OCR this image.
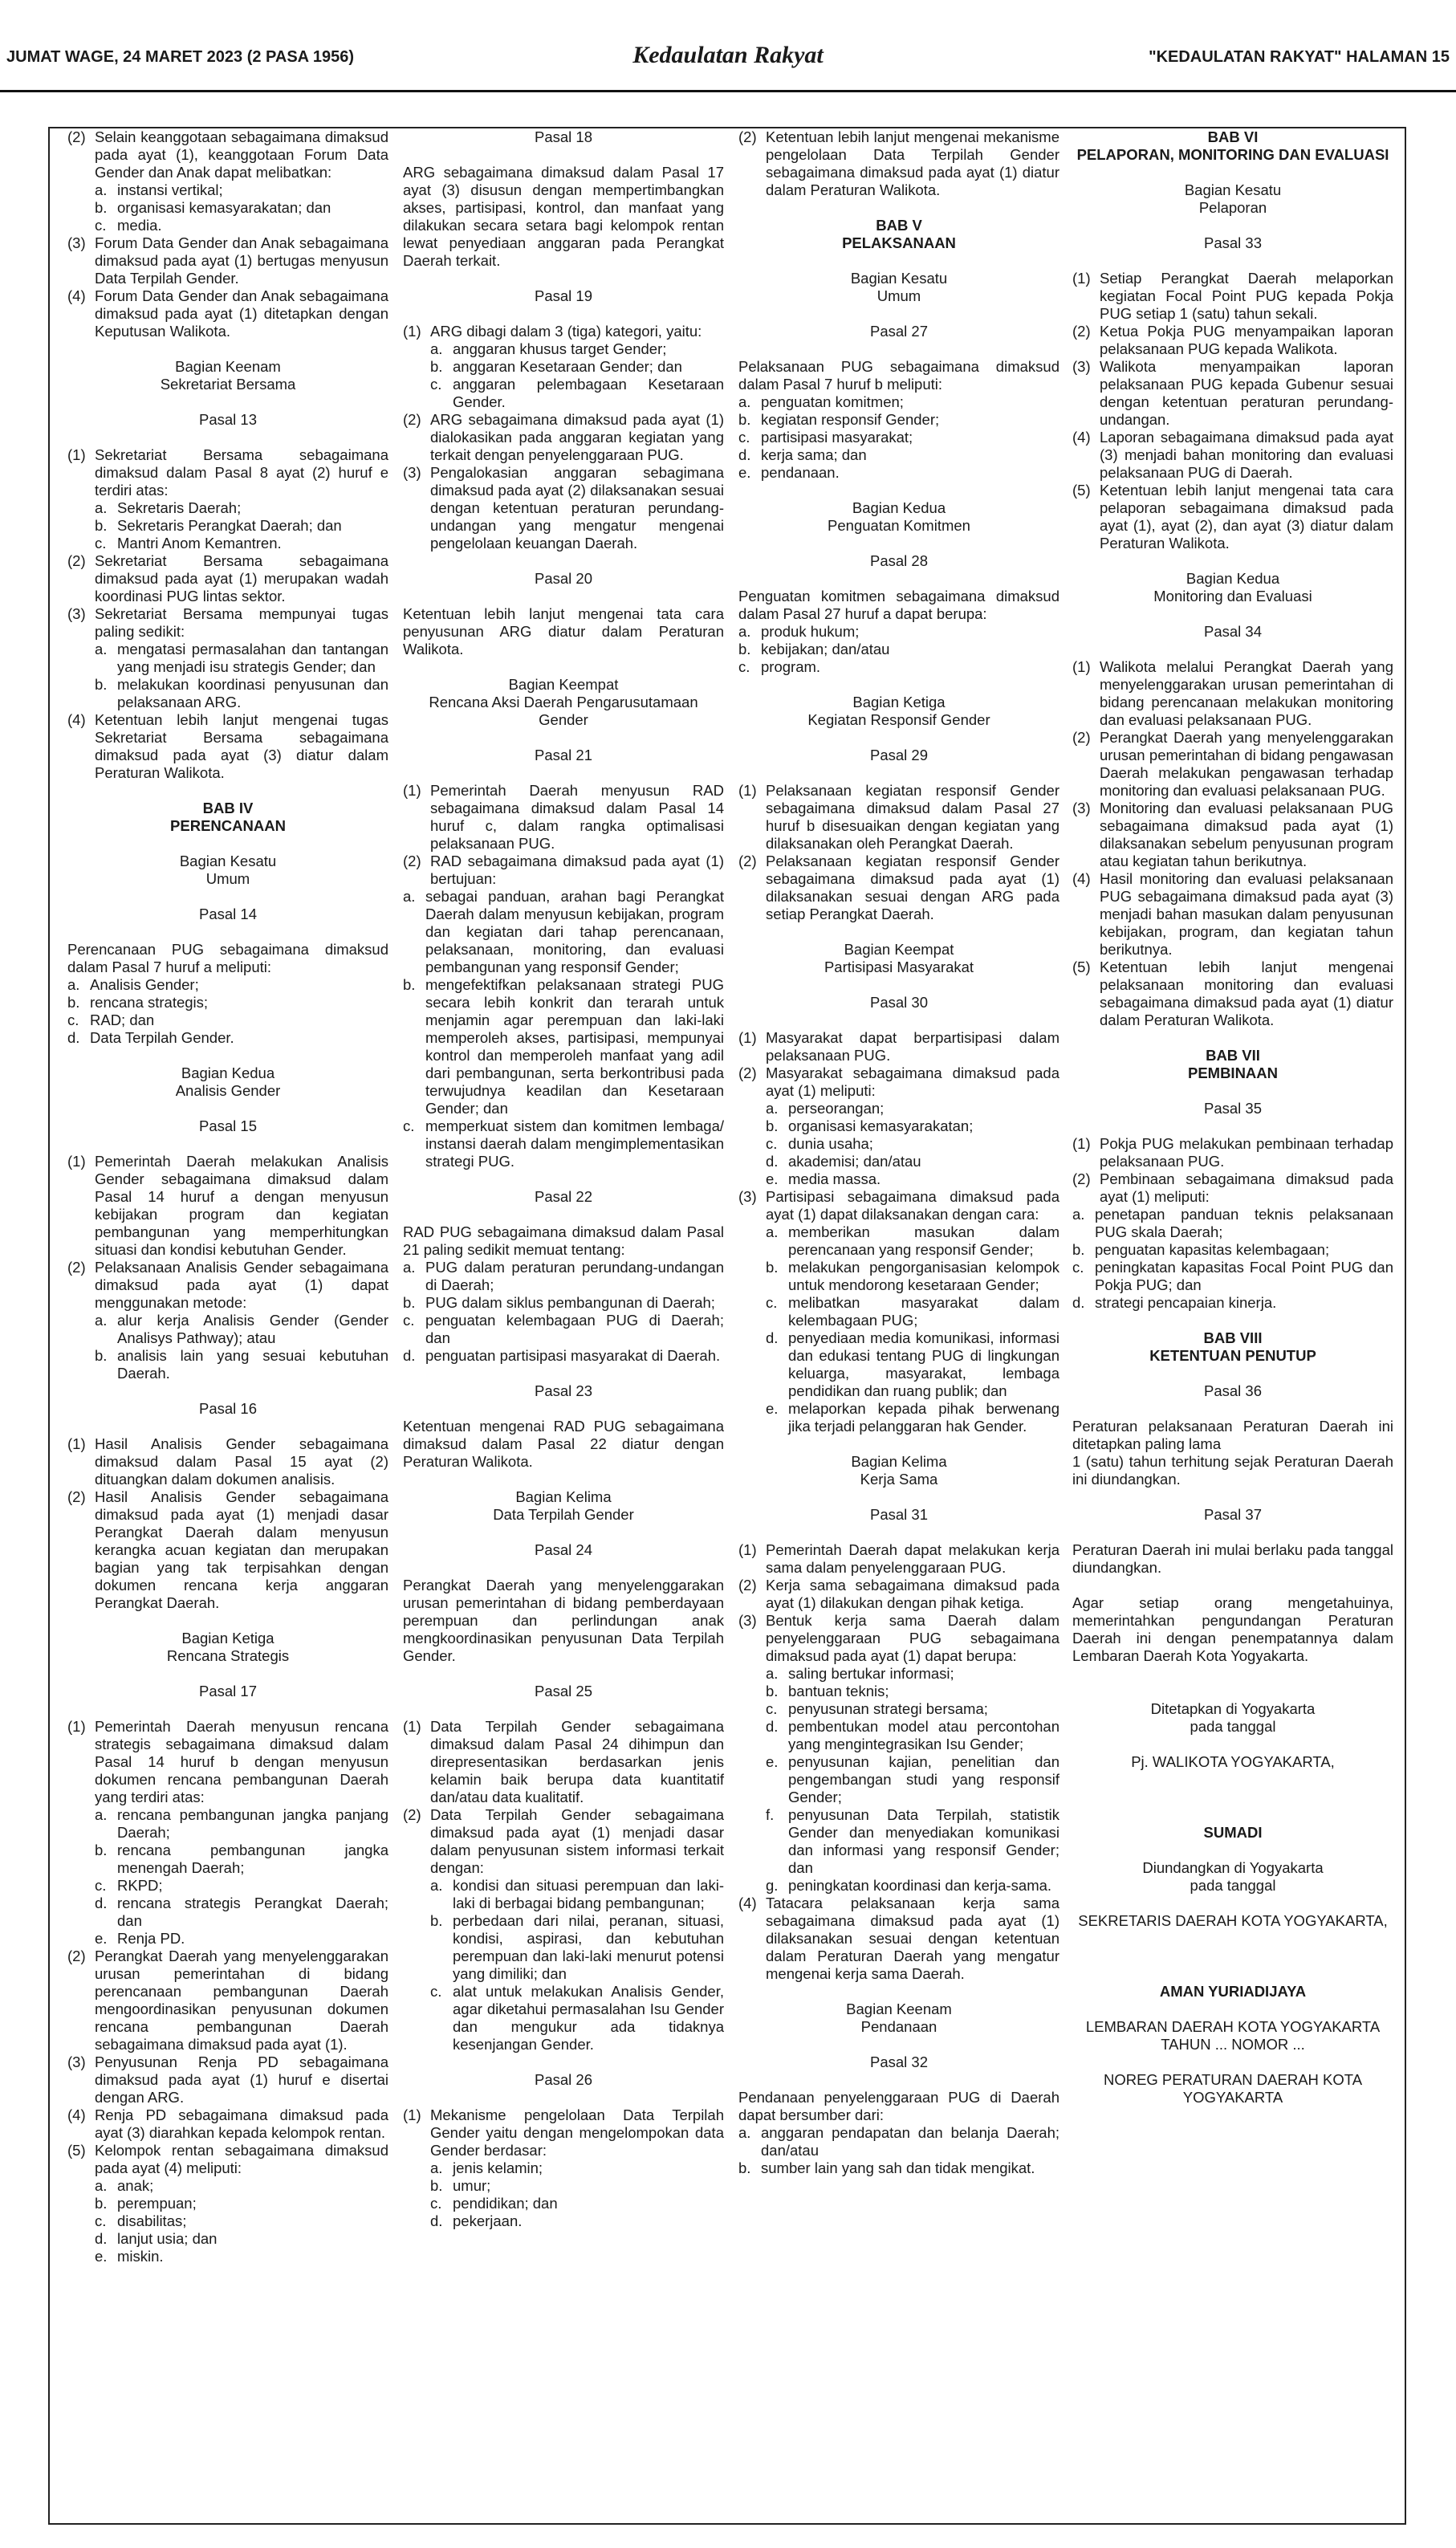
JUMAT WAGE, 24 MARET 2023 (2 PASA 1956)	Kedaulatan Rakyat	"KEDAULATAN RAKYAT" HALAMAN 15
(2) Selain keanggotaan sebagaimana dimaksud pada ayat (1), keanggotaan Forum Data Gender dan Anak dapat melibatkan:
a. instansi vertikal;
b. organisasi kemasyarakatan; dan
c. media.
(3) Forum Data Gender dan Anak sebagaimana dimaksud pada ayat (1) bertugas menyusun Data Terpilah Gender.
(4) Forum Data Gender dan Anak sebagaimana dimaksud pada ayat (1) ditetapkan dengan Keputusan Walikota.
Bagian Keenam
Sekretariat Bersama
Pasal 13
(1) Sekretariat Bersama sebagaimana dimaksud dalam Pasal 8 ayat (2) huruf e terdiri atas:
a. Sekretaris Daerah;
b. Sekretaris Perangkat Daerah; dan
c. Mantri Anom Kemantren.
(2) Sekretariat Bersama sebagaimana dimaksud pada ayat (1) merupakan wadah koordinasi PUG lintas sektor.
(3) Sekretariat Bersama mempunyai tugas paling sedikit:
a. mengatasi permasalahan dan tantangan yang menjadi isu strategis Gender; dan
b. melakukan koordinasi penyusunan dan pelaksanaan ARG.
(4) Ketentuan lebih lanjut mengenai tugas Sekretariat Bersama sebagaimana dimaksud pada ayat (3) diatur dalam Peraturan Walikota.
BAB IV
PERENCANAAN
Bagian Kesatu
Umum
Pasal 14
Perencanaan PUG sebagaimana dimaksud dalam Pasal 7 huruf a meliputi:
a. Analisis Gender;
b. rencana strategis;
c. RAD; dan
d. Data Terpilah Gender.
Bagian Kedua
Analisis Gender
Pasal 15
(1) Pemerintah Daerah melakukan Analisis Gender sebagaimana dimaksud dalam Pasal 14 huruf a dengan menyusun kebijakan program dan kegiatan pembangunan yang memperhitungkan situasi dan kondisi kebutuhan Gender.
(2) Pelaksanaan Analisis Gender sebagaimana dimaksud pada ayat (1) dapat menggunakan metode:
a. alur kerja Analisis Gender (Gender Analisys Pathway); atau
b. analisis lain yang sesuai kebutuhan Daerah.
Pasal 16
(1) Hasil Analisis Gender sebagaimana dimaksud dalam Pasal 15 ayat (2) dituangkan dalam dokumen analisis.
(2) Hasil Analisis Gender sebagaimana dimaksud pada ayat (1) menjadi dasar Perangkat Daerah dalam menyusun kerangka acuan kegiatan dan merupakan bagian yang tak terpisahkan dengan dokumen rencana kerja anggaran Perangkat Daerah.
Bagian Ketiga
Rencana Strategis
Pasal 17
(1) Pemerintah Daerah menyusun rencana strategis sebagaimana dimaksud dalam Pasal 14 huruf b dengan menyusun dokumen rencana pembangunan Daerah yang terdiri atas:
a. rencana pembangunan jangka panjang Daerah;
b. rencana pembangunan jangka menengah Daerah;
c. RKPD;
d. rencana strategis Perangkat Daerah; dan
e. Renja PD.
(2) Perangkat Daerah yang menyelenggarakan urusan pemerintahan di bidang perencanaan pembangunan Daerah mengoordinasikan penyusunan dokumen rencana pembangunan Daerah sebagaimana dimaksud pada ayat (1).
(3) Penyusunan Renja PD sebagaimana dimaksud pada ayat (1) huruf e disertai dengan ARG.
(4) Renja PD sebagaimana dimaksud pada ayat (3) diarahkan kepada kelompok rentan.
(5) Kelompok rentan sebagaimana dimaksud pada ayat (4) meliputi:
a. anak;
b. perempuan;
c. disabilitas;
d. lanjut usia; dan
e. miskin.
Pasal 18
ARG sebagaimana dimaksud dalam Pasal 17 ayat (3) disusun dengan mempertimbangkan akses, partisipasi, kontrol, dan manfaat yang dilakukan secara setara bagi kelompok rentan lewat penyediaan anggaran pada Perangkat Daerah terkait.
Pasal 19
(1) ARG dibagi dalam 3 (tiga) kategori, yaitu:
a. anggaran khusus target Gender;
b. anggaran Kesetaraan Gender; dan
c. anggaran pelembagaan Kesetaraan Gender.
(2) ARG sebagaimana dimaksud pada ayat (1) dialokasikan pada anggaran kegiatan yang terkait dengan penyelenggaraan PUG.
(3) Pengalokasian anggaran sebagimana dimaksud pada ayat (2) dilaksanakan sesuai dengan ketentuan peraturan perundang-undangan yang mengatur mengenai pengelolaan keuangan Daerah.
Pasal 20
Ketentuan lebih lanjut mengenai tata cara penyusunan ARG diatur dalam Peraturan Walikota.
Bagian Keempat
Rencana Aksi Daerah Pengarusutamaan Gender
Pasal 21
(1) Pemerintah Daerah menyusun RAD sebagaimana dimaksud dalam Pasal 14 huruf c, dalam rangka optimalisasi pelaksanaan PUG.
(2) RAD sebagaimana dimaksud pada ayat (1) bertujuan:
a. sebagai panduan, arahan bagi Perangkat Daerah dalam menyusun kebijakan, program dan kegiatan dari tahap perencanaan, pelaksanaan, monitoring, dan evaluasi pembangunan yang responsif Gender;
b. mengefektifkan pelaksanaan strategi PUG secara lebih konkrit dan terarah untuk menjamin agar perempuan dan laki-laki memperoleh akses, partisipasi, mempunyai kontrol dan memperoleh manfaat yang adil dari pembangunan, serta berkontribusi pada terwujudnya keadilan dan Kesetaraan Gender; dan
c. memperkuat sistem dan komitmen lembaga/ instansi daerah dalam mengimplementasikan strategi PUG.
Pasal 22
RAD PUG sebagaimana dimaksud dalam Pasal 21 paling sedikit memuat tentang:
a. PUG dalam peraturan perundang-undangan di Daerah;
b. PUG dalam siklus pembangunan di Daerah;
c. penguatan kelembagaan PUG di Daerah; dan
d. penguatan partisipasi masyarakat di Daerah.
Pasal 23
Ketentuan mengenai RAD PUG sebagaimana dimaksud dalam Pasal 22 diatur dengan Peraturan Walikota.
Bagian Kelima
Data Terpilah Gender
Pasal 24
Perangkat Daerah yang menyelenggarakan urusan pemerintahan di bidang pemberdayaan perempuan dan perlindungan anak mengkoordinasikan penyusunan Data Terpilah Gender.
Pasal 25
(1) Data Terpilah Gender sebagaimana dimaksud dalam Pasal 24 dihimpun dan direpresentasikan berdasarkan jenis kelamin baik berupa data kuantitatif dan/atau data kualitatif.
(2) Data Terpilah Gender sebagaimana dimaksud pada ayat (1) menjadi dasar dalam penyusunan sistem informasi terkait dengan:
a. kondisi dan situasi perempuan dan laki-laki di berbagai bidang pembangunan;
b. perbedaan dari nilai, peranan, situasi, kondisi, aspirasi, dan kebutuhan perempuan dan laki-laki menurut potensi yang dimiliki; dan
c. alat untuk melakukan Analisis Gender, agar diketahui permasalahan Isu Gender dan mengukur ada tidaknya kesenjangan Gender.
Pasal 26
(1) Mekanisme pengelolaan Data Terpilah Gender yaitu dengan mengelompokan data Gender berdasar:
a. jenis kelamin;
b. umur;
c. pendidikan; dan
d. pekerjaan.
(2) Ketentuan lebih lanjut mengenai mekanisme pengelolaan Data Terpilah Gender sebagaimana dimaksud pada ayat (1) diatur dalam Peraturan Walikota.
BAB V
PELAKSANAAN
Bagian Kesatu
Umum
Pasal 27
Pelaksanaan PUG sebagaimana dimaksud dalam Pasal 7 huruf b meliputi:
a. penguatan komitmen;
b. kegiatan responsif Gender;
c. partisipasi masyarakat;
d. kerja sama; dan
e. pendanaan.
Bagian Kedua
Penguatan Komitmen
Pasal 28
Penguatan komitmen sebagaimana dimaksud dalam Pasal 27 huruf a dapat berupa:
a. produk hukum;
b. kebijakan; dan/atau
c. program.
Bagian Ketiga
Kegiatan Responsif Gender
Pasal 29
(1) Pelaksanaan kegiatan responsif Gender sebagaimana dimaksud dalam Pasal 27 huruf b disesuaikan dengan kegiatan yang dilaksanakan oleh Perangkat Daerah.
(2) Pelaksanaan kegiatan responsif Gender sebagaimana dimaksud pada ayat (1) dilaksanakan sesuai dengan ARG pada setiap Perangkat Daerah.
Bagian Keempat
Partisipasi Masyarakat
Pasal 30
(1) Masyarakat dapat berpartisipasi dalam pelaksanaan PUG.
(2) Masyarakat sebagaimana dimaksud pada ayat (1) meliputi:
a. perseorangan;
b. organisasi kemasyarakatan;
c. dunia usaha;
d. akademisi; dan/atau
e. media massa.
(3) Partisipasi sebagaimana dimaksud pada ayat (1) dapat dilaksanakan dengan cara:
a. memberikan masukan dalam perencanaan yang responsif Gender;
b. melakukan pengorganisasian kelompok untuk mendorong kesetaraan Gender;
c. melibatkan masyarakat dalam kelembagaan PUG;
d. penyediaan media komunikasi, informasi dan edukasi tentang PUG di lingkungan keluarga, masyarakat, lembaga pendidikan dan ruang publik; dan
e. melaporkan kepada pihak berwenang jika terjadi pelanggaran hak Gender.
Bagian Kelima
Kerja Sama
Pasal 31
(1) Pemerintah Daerah dapat melakukan kerja sama dalam penyelenggaraan PUG.
(2) Kerja sama sebagaimana dimaksud pada ayat (1) dilakukan dengan pihak ketiga.
(3) Bentuk kerja sama Daerah dalam penyelenggaraan PUG sebagaimana dimaksud pada ayat (1) dapat berupa:
a. saling bertukar informasi;
b. bantuan teknis;
c. penyusunan strategi bersama;
d. pembentukan model atau percontohan yang mengintegrasikan Isu Gender;
e. penyusunan kajian, penelitian dan pengembangan studi yang responsif Gender;
f. penyusunan Data Terpilah, statistik Gender dan menyediakan komunikasi dan informasi yang responsif Gender; dan
g. peningkatan koordinasi dan kerja-sama.
(4) Tatacara pelaksanaan kerja sama sebagaimana dimaksud pada ayat (1) dilaksanakan sesuai dengan ketentuan dalam Peraturan Daerah yang mengatur mengenai kerja sama Daerah.
Bagian Keenam
Pendanaan
Pasal 32
Pendanaan penyelenggaraan PUG di Daerah dapat bersumber dari:
a. anggaran pendapatan dan belanja Daerah; dan/atau
b. sumber lain yang sah dan tidak mengikat.
BAB VI
PELAPORAN, MONITORING DAN EVALUASI
Bagian Kesatu
Pelaporan
Pasal 33
(1) Setiap Perangkat Daerah melaporkan kegiatan Focal Point PUG kepada Pokja PUG setiap 1 (satu) tahun sekali.
(2) Ketua Pokja PUG menyampaikan laporan pelaksanaan PUG kepada Walikota.
(3) Walikota menyampaikan laporan pelaksanaan PUG kepada Gubenur sesuai dengan ketentuan peraturan perundang-undangan.
(4) Laporan sebagaimana dimaksud pada ayat (3) menjadi bahan monitoring dan evaluasi pelaksanaan PUG di Daerah.
(5) Ketentuan lebih lanjut mengenai tata cara pelaporan sebagaimana dimaksud pada ayat (1), ayat (2), dan ayat (3) diatur dalam Peraturan Walikota.
Bagian Kedua
Monitoring dan Evaluasi
Pasal 34
(1) Walikota melalui Perangkat Daerah yang menyelenggarakan urusan pemerintahan di bidang perencanaan melakukan monitoring dan evaluasi pelaksanaan PUG.
(2) Perangkat Daerah yang menyelenggarakan urusan pemerintahan di bidang pengawasan Daerah melakukan pengawasan terhadap monitoring dan evaluasi pelaksanaan PUG.
(3) Monitoring dan evaluasi pelaksanaan PUG sebagaimana dimaksud pada ayat (1) dilaksanakan sebelum penyusunan program atau kegiatan tahun berikutnya.
(4) Hasil monitoring dan evaluasi pelaksanaan PUG sebagaimana dimaksud pada ayat (3) menjadi bahan masukan dalam penyusunan kebijakan, program, dan kegiatan tahun berikutnya.
(5) Ketentuan lebih lanjut mengenai pelaksanaan monitoring dan evaluasi sebagaimana dimaksud pada ayat (1) diatur dalam Peraturan Walikota.
BAB VII
PEMBINAAN
Pasal 35
(1) Pokja PUG melakukan pembinaan terhadap pelaksanaan PUG.
(2) Pembinaan sebagaimana dimaksud pada ayat (1) meliputi:
a. penetapan panduan teknis pelaksanaan PUG skala Daerah;
b. penguatan kapasitas kelembagaan;
c. peningkatan kapasitas Focal Point PUG dan Pokja PUG; dan
d. strategi pencapaian kinerja.
BAB VIII
KETENTUAN PENUTUP
Pasal 36
Peraturan pelaksanaan Peraturan Daerah ini ditetapkan paling lama
1 (satu) tahun terhitung sejak Peraturan Daerah ini diundangkan.
Pasal 37
Peraturan Daerah ini mulai berlaku pada tanggal diundangkan.
Agar setiap orang mengetahuinya, memerintahkan pengundangan Peraturan Daerah ini dengan penempatannya dalam Lembaran Daerah Kota Yogyakarta.
Ditetapkan di Yogyakarta
pada tanggal
Pj. WALIKOTA YOGYAKARTA,
SUMADI
Diundangkan di Yogyakarta
pada tanggal
SEKRETARIS DAERAH KOTA YOGYAKARTA,
AMAN YURIADIJAYA
LEMBARAN DAERAH KOTA YOGYAKARTA TAHUN ... NOMOR ...
NOREG PERATURAN DAERAH KOTA YOGYAKARTA
